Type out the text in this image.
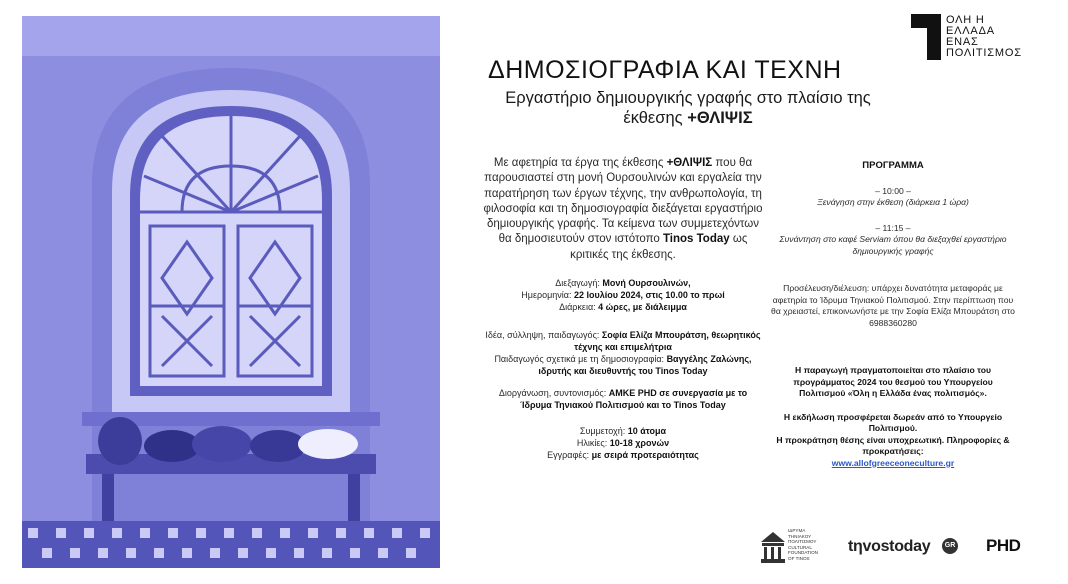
ΟΛΗ Η
ΕΛΛΑΔΑ
ΕΝΑΣ
ΠΟΛΙΤΙΣΜΟΣ
ΔΗΜΟΣΙΟΓΡΑΦΙΑ ΚΑΙ ΤΕΧΝΗ
Εργαστήριο δημιουργικής γραφής στο πλαίσιο της έκθεσης +ΘΛΙΨΙΣ

Με αφετηρία τα έργα της έκθεσης +ΘΛΙΨΙΣ που θα παρουσιαστεί στη μονή Ουρσουλινών και εργαλεία την παρατήρηση των έργων τέχνης, την ανθρωπολογία, τη φιλοσοφία και τη δημοσιογραφία διεξάγεται εργαστήριο δημιουργικής γραφής. Τα κείμενα των συμμετεχόντων θα δημοσιευτούν στον ιστότοπο Tinos Today ως κριτικές της έκθεσης.

Διεξαγωγή: Μονή Ουρσουλινών,
Ημερομηνία: 22 Ιουλίου 2024, στις 10.00 το πρωί
Διάρκεια: 4 ώρες, με διάλειμμα

Ιδέα, σύλληψη, παιδαγωγός: Σοφία Ελίζα Μπουράτση, θεωρητικός τέχνης και επιμελήτρια
Παιδαγωγός σχετικά με τη δημοσιογραφία: Βαγγέλης Ζαλώνης, ιδρυτής και διευθυντής του Tinos Today

Διοργάνωση, συντονισμός: ΑΜΚΕ PHD σε συνεργασία με το Ίδρυμα Τηνιακού Πολιτισμού και το Tinos Today

Συμμετοχή: 10 άτομα
Ηλικίες: 10-18 χρονών
Εγγραφές: με σειρά προτεραιότητας

ΠΡΟΓΡΑΜΜΑ

– 10:00 –

Ξενάγηση στην έκθεση (διάρκεια 1 ώρα)

– 11:15 –

Συνάντηση στο καφέ Serviam όπου θα διεξαχθεί εργαστήριο δημιουργικής γραφής

Προσέλευση/διέλευση: υπάρχει δυνατότητα μεταφοράς με αφετηρία το Ίδρυμα Τηνιακού Πολιτισμού. Στην περίπτωση που θα χρειαστεί, επικοινωνήστε με την Σοφία Ελίζα Μπουράτση στο 6988360280

Η παραγωγή πραγματοποιείται στο πλαίσιο του προγράμματος 2024 του θεσμού του Υπουργείου Πολιτισμού «Όλη η Ελλάδα ένας πολιτισμός».

Η εκδήλωση προσφέρεται δωρεάν από το Υπουργείο Πολιτισμού.

Η προκράτηση θέσης είναι υποχρεωτική. Πληροφορίες & προκρατήσεις:

www.allofgreeceoneculture.gr

ΙΔΡΥΜΑ
ΤΗΝΙΑΚΟΥ
ΠΟΛΙΤΙΣΜΟΥ
CULTURAL
FOUNDATION
OF TINOS
tηvostoday	GR PHD
